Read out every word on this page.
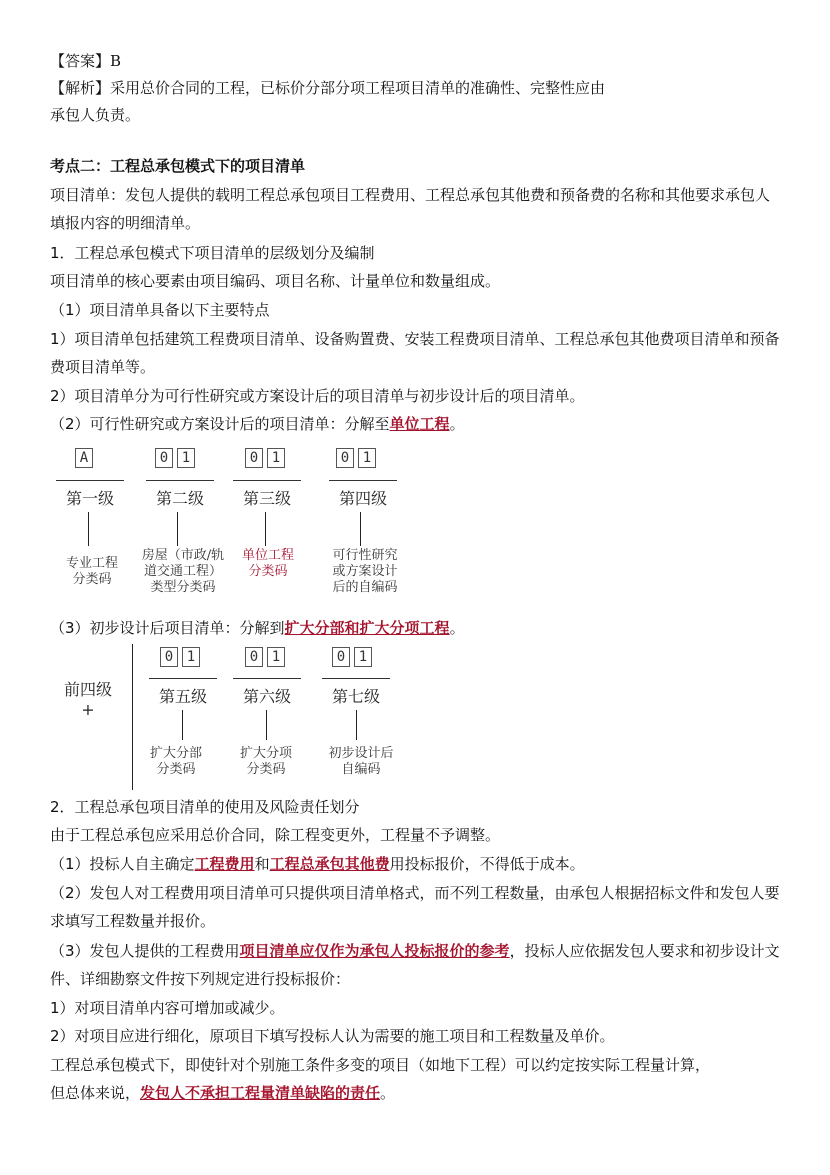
【答案】B
【解析】采用总价合同的工程，已标价分部分项工程项目清单的准确性、完整性应由
承包人负责。
考点二：工程总承包模式下的项目清单
项目清单：发包人提供的载明工程总承包项目工程费用、工程总承包其他费和预备费的名称和其他要求承包人填报内容的明细清单。
1．工程总承包模式下项目清单的层级划分及编制
项目清单的核心要素由项目编码、项目名称、计量单位和数量组成。
（1）项目清单具备以下主要特点
1）项目清单包括建筑工程费项目清单、设备购置费、安装工程费项目清单、工程总承包其他费项目清单和预备费项目清单等。
2）项目清单分为可行性研究或方案设计后的项目清单与初步设计后的项目清单。
（2）可行性研究或方案设计后的项目清单：分解至单位工程。
A	0 1	0 1	0 1
第一级	第二级	第三级	第四级
专业工程
分类码
房屋（市政/轨
道交通工程）
类型分类码
单位工程
分类码
可行性研究
或方案设计
后的自编码
（3）初步设计后项目清单：分解到扩大分部和扩大分项工程。
前四级
+
0 1	0 1	0 1
第五级	第六级	第七级
扩大分部
分类码
扩大分项
分类码
初步设计后
自编码
2．工程总承包项目清单的使用及风险责任划分
由于工程总承包应采用总价合同，除工程变更外，工程量不予调整。
（1）投标人自主确定工程费用和工程总承包其他费用投标报价，不得低于成本。
（2）发包人对工程费用项目清单可只提供项目清单格式，而不列工程数量，由承包人根据招标文件和发包人要求填写工程数量并报价。
（3）发包人提供的工程费用项目清单应仅作为承包人投标报价的参考，投标人应依据发包人要求和初步设计文件、详细勘察文件按下列规定进行投标报价：
1）对项目清单内容可增加或减少。
2）对项目应进行细化，原项目下填写投标人认为需要的施工项目和工程数量及单价。
工程总承包模式下，即使针对个别施工条件多变的项目（如地下工程）可以约定按实际工程量计算，
但总体来说，发包人不承担工程量清单缺陷的责任。
